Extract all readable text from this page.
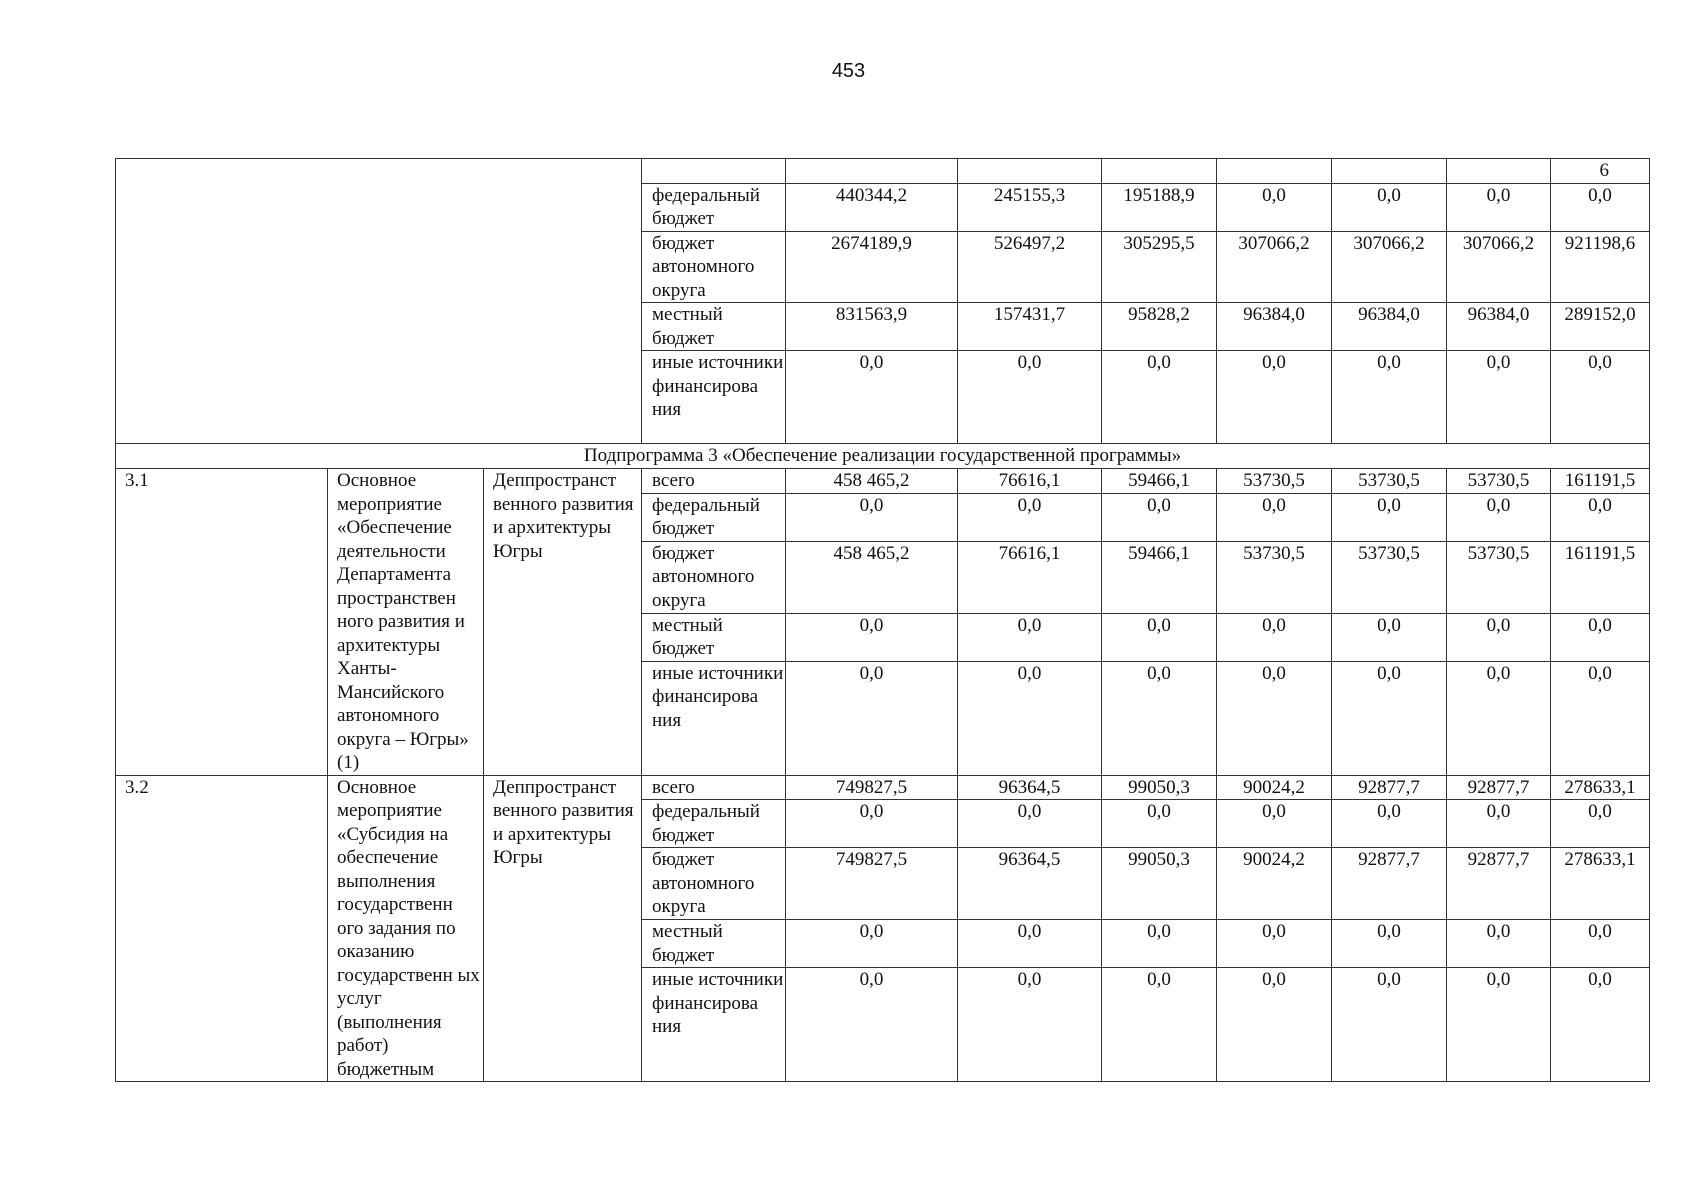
453
										6
			федеральный бюджет	440344,2	245155,3	195188,9	0,0	0,0	0,0	0,0
			бюджет автономного округа	2674189,9	526497,2	305295,5	307066,2	307066,2	307066,2	921198,6
			местный бюджет	831563,9	157431,7	95828,2	96384,0	96384,0	96384,0	289152,0
			иные источники финансирова ния	0,0	0,0	0,0	0,0	0,0	0,0	0,0
Подпрограмма 3 «Обеспечение реализации государственной программы»										
3.1	Основное мероприятие «Обеспечение деятельности Департамента пространствен ного развития и архитектуры Ханты-Мансийского автономного округа – Югры» (1)	Деппространст венного развития и архитектуры Югры	всего	458 465,2	76616,1	59466,1	53730,5	53730,5	53730,5	161191,5
			федеральный бюджет	0,0	0,0	0,0	0,0	0,0	0,0	0,0
			бюджет автономного округа	458 465,2	76616,1	59466,1	53730,5	53730,5	53730,5	161191,5
			местный бюджет	0,0	0,0	0,0	0,0	0,0	0,0	0,0
			иные источники финансирова ния	0,0	0,0	0,0	0,0	0,0	0,0	0,0
3.2	Основное мероприятие «Субсидия на обеспечение выполнения государственн ого задания по оказанию государственн ых услуг (выполнения работ) бюджетным	Деппространст венного развития и архитектуры Югры	всего	749827,5	96364,5	99050,3	90024,2	92877,7	92877,7	278633,1
			федеральный бюджет	0,0	0,0	0,0	0,0	0,0	0,0	0,0
			бюджет автономного округа	749827,5	96364,5	99050,3	90024,2	92877,7	92877,7	278633,1
			местный бюджет	0,0	0,0	0,0	0,0	0,0	0,0	0,0
			иные источники финансирова ния	0,0	0,0	0,0	0,0	0,0	0,0	0,0
